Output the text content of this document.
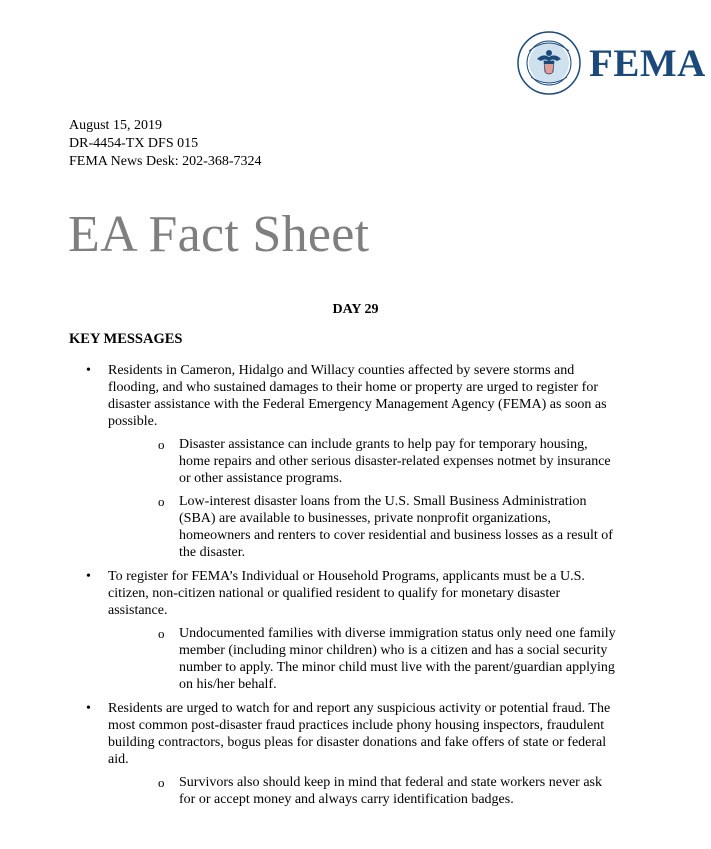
FEMA
August 15, 2019
DR-4454-TX DFS 015
FEMA News Desk: 202-368-7324
EA Fact Sheet
DAY 29
KEY MESSAGES
• Residents in Cameron, Hidalgo and Willacy counties affected by severe storms and flooding, and who sustained damages to their home or property are urged to register for disaster assistance with the Federal Emergency Management Agency (FEMA) as soon as possible.
o Disaster assistance can include grants to help pay for temporary housing, home repairs and other serious disaster-related expenses notmet by insurance or other assistance programs.
o Low-interest disaster loans from the U.S. Small Business Administration (SBA) are available to businesses, private nonprofit organizations, homeowners and renters to cover residential and business losses as a result of the disaster.
• To register for FEMA’s Individual or Household Programs, applicants must be a U.S. citizen, non-citizen national or qualified resident to qualify for monetary disaster assistance.
o Undocumented families with diverse immigration status only need one family member (including minor children) who is a citizen and has a social security number to apply. The minor child must live with the parent/guardian applying on his/her behalf.
• Residents are urged to watch for and report any suspicious activity or potential fraud. The most common post-disaster fraud practices include phony housing inspectors, fraudulent building contractors, bogus pleas for disaster donations and fake offers of state or federal aid.
o Survivors also should keep in mind that federal and state workers never ask for or accept money and always carry identification badges.
